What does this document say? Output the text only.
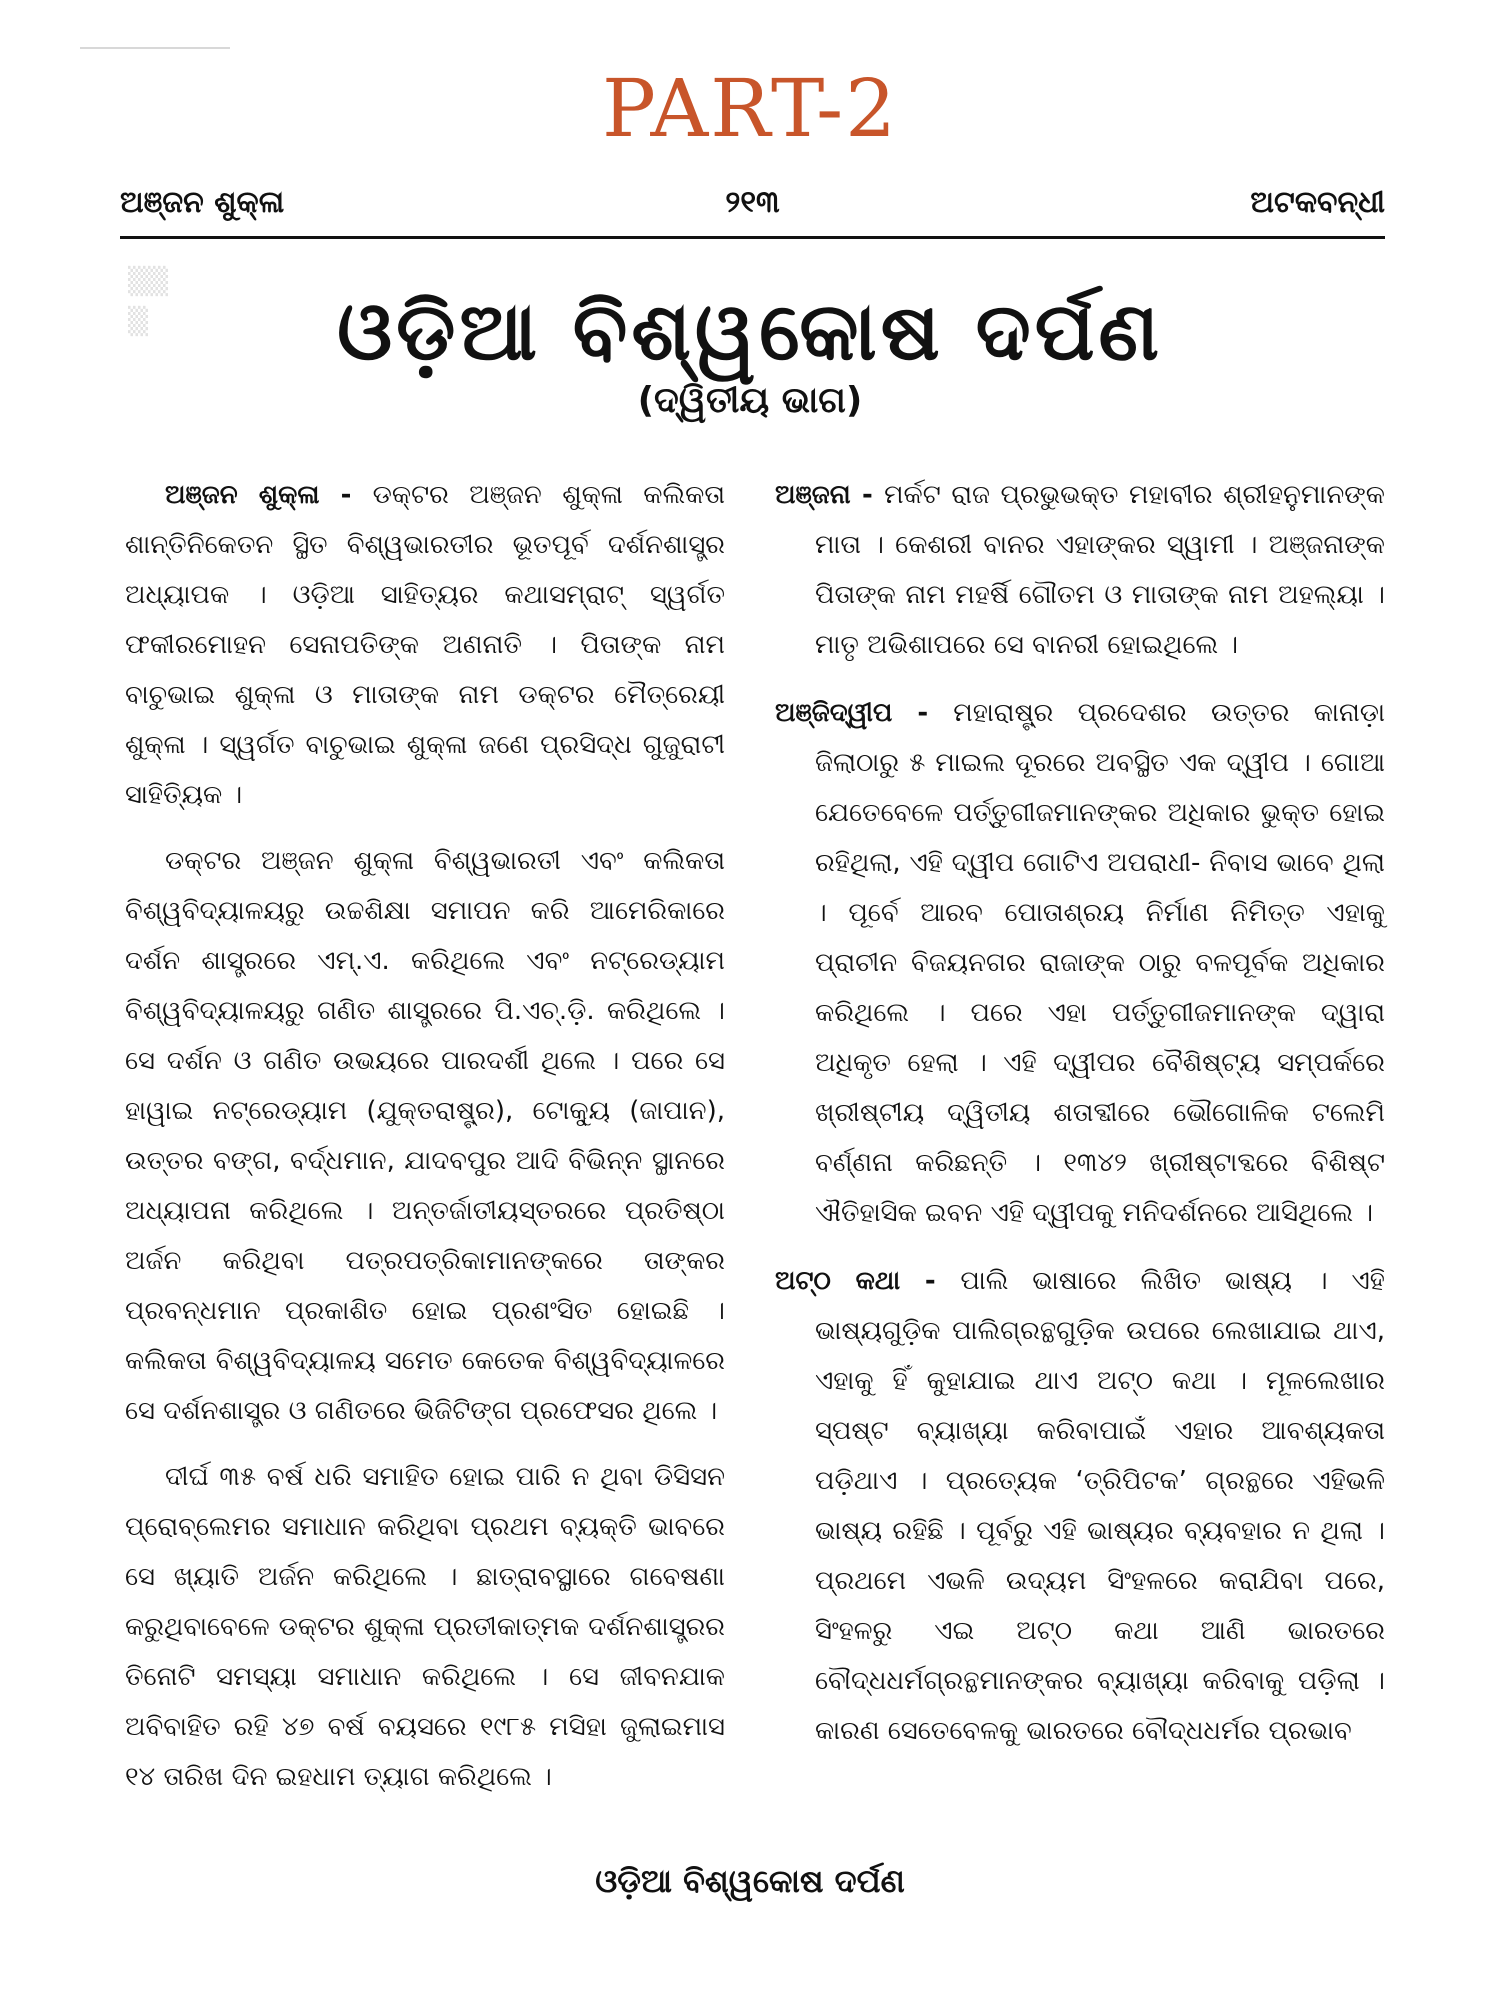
PART-2
ଅଞ୍ଜନ ଶୁକ୍ଳା	୨୧୩	ଅଟକବନ୍ଧୀ
▒▒
▒	ଓଡ଼ିଆ ବିଶ୍ୱକୋଷ ଦର୍ପଣ
(ଦ୍ୱିତୀୟ ଭାଗ)

ଅଞ୍ଜନ ଶୁକ୍ଳା - ଡକ୍ଟର ଅଞ୍ଜନ ଶୁକ୍ଳା କଲିକତା ଶାନ୍ତିନିକେତନ ସ୍ଥିତ ବିଶ୍ୱଭାରତୀର ଭୂତପୂର୍ବ ଦର୍ଶନଶାସ୍ତ୍ର ଅଧ୍ୟାପକ । ଓଡ଼ିଆ ସାହିତ୍ୟର କଥାସମ୍ରାଟ୍ ସ୍ୱର୍ଗତ ଫକୀରମୋହନ ସେନାପତିଙ୍କ ଅଣନାତି । ପିତାଙ୍କ ନାମ ବାଚୁଭାଇ ଶୁକ୍ଳା ଓ ମାତାଙ୍କ ନାମ ଡକ୍ଟର ମୈତ୍ରେୟୀ ଶୁକ୍ଳା । ସ୍ୱର୍ଗତ ବାଚୁଭାଇ ଶୁକ୍ଳା ଜଣେ ପ୍ରସିଦ୍ଧ ଗୁଜୁରାଟୀ ସାହିତ୍ୟିକ ।

ଡକ୍ଟର ଅଞ୍ଜନ ଶୁକ୍ଳା ବିଶ୍ୱଭାରତୀ ଏବଂ କଲିକତା ବିଶ୍ୱବିଦ୍ୟାଳୟରୁ ଉଚ୍ଚଶିକ୍ଷା ସମାପନ କରି ଆମେରିକାରେ ଦର୍ଶନ ଶାସ୍ତ୍ରରେ ଏମ୍.ଏ. କରିଥିଲେ ଏବଂ ନଟ୍ରେଡ୍ୟାମ ବିଶ୍ୱବିଦ୍ୟାଳୟରୁ ଗଣିତ ଶାସ୍ତ୍ରରେ ପି.ଏଚ୍.ଡ଼ି. କରିଥିଲେ । ସେ ଦର୍ଶନ ଓ ଗଣିତ ଉଭୟରେ ପାରଦର୍ଶୀ ଥିଲେ । ପରେ ସେ ହାୱାଇ ନଟ୍ରେଡ୍ୟାମ (ଯୁକ୍ତରାଷ୍ଟ୍ର), ଟୋକ୍ୟୁ (ଜାପାନ), ଉତ୍ତର ବଙ୍ଗ, ବର୍ଦ୍ଧମାନ, ଯାଦବପୁର ଆଦି ବିଭିନ୍ନ ସ୍ଥାନରେ ଅଧ୍ୟାପନା କରିଥିଲେ । ଅନ୍ତର୍ଜାତୀୟସ୍ତରରେ ପ୍ରତିଷ୍ଠା ଅର୍ଜନ କରିଥିବା ପତ୍ରପତ୍ରିକାମାନଙ୍କରେ ତାଙ୍କର ପ୍ରବନ୍ଧମାନ ପ୍ରକାଶିତ ହୋଇ ପ୍ରଶଂସିତ ହୋଇଛି । କଲିକତା ବିଶ୍ୱବିଦ୍ୟାଳୟ ସମେତ କେତେକ ବିଶ୍ୱବିଦ୍ୟାଳରେ ସେ ଦର୍ଶନଶାସ୍ତ୍ର ଓ ଗଣିତରେ ଭିଜିଟିଙ୍ଗ ପ୍ରଫେସର ଥିଲେ ।

ଦୀର୍ଘ ୩୫ ବର୍ଷ ଧରି ସମାହିତ ହୋଇ ପାରି ନ ଥିବା ଡିସିସନ ପ୍ରୋବ୍ଲେମର ସମାଧାନ କରିଥିବା ପ୍ରଥମ ବ୍ୟକ୍ତି ଭାବରେ ସେ ଖ୍ୟାତି ଅର୍ଜନ କରିଥିଲେ । ଛାତ୍ରାବସ୍ଥାରେ ଗବେଷଣା କରୁଥିବାବେଳେ ଡକ୍ଟର ଶୁକ୍ଳା ପ୍ରତୀକାତ୍ମକ ଦର୍ଶନଶାସ୍ତ୍ରର ତିନୋଟି ସମସ୍ୟା ସମାଧାନ କରିଥିଲେ । ସେ ଜୀବନଯାକ ଅବିବାହିତ ରହି ୪୭ ବର୍ଷ ବୟସରେ ୧୯୮୫ ମସିହା ଜୁଲାଇମାସ ୧୪ ତାରିଖ ଦିନ ଇହଧାମ ତ୍ୟାଗ କରିଥିଲେ ।

ଅଞ୍ଜନା - ମର୍କଟ ରାଜ ପ୍ରଭୁଭକ୍ତ ମହାବୀର ଶ୍ରୀହନୁମାନଙ୍କ ମାତା । କେଶରୀ ବାନର ଏହାଙ୍କର ସ୍ୱାମୀ । ଅଞ୍ଜନାଙ୍କ ପିତାଙ୍କ ନାମ ମହର୍ଷି ଗୌତମ ଓ ମାତାଙ୍କ ନାମ ଅହଲ୍ୟା । ମାତୃ ଅଭିଶାପରେ ସେ ବାନରୀ ହୋଇଥିଲେ ।

ଅଞ୍ଜିଦ୍ୱୀପ - ମହାରାଷ୍ଟ୍ର ପ୍ରଦେଶର ଉତ୍ତର କାନାଡ଼ା ଜିଲାଠାରୁ ୫ ମାଇଲ ଦୂରରେ ଅବସ୍ଥିତ ଏକ ଦ୍ୱୀପ । ଗୋଆ ଯେତେବେଳେ ପର୍ତ୍ତୁଗୀଜମାନଙ୍କର ଅଧିକାର ଭୁକ୍ତ ହୋଇ ରହିଥିଲା, ଏହି ଦ୍ୱୀପ ଗୋଟିଏ ଅପରାଧୀ- ନିବାସ ଭାବେ ଥିଲା । ପୂର୍ବେ ଆରବ ପୋତାଶ୍ରୟ ନିର୍ମାଣ ନିମିତ୍ତ ଏହାକୁ ପ୍ରାଚୀନ ବିଜୟନଗର ରାଜାଙ୍କ ଠାରୁ ବଳପୂର୍ବକ ଅଧିକାର କରିଥିଲେ । ପରେ ଏହା ପର୍ତ୍ତୁଗୀଜମାନଙ୍କ ଦ୍ୱାରା ଅଧିକୃତ ହେଲା । ଏହି ଦ୍ୱୀପର ବୈଶିଷ୍ଟ୍ୟ ସମ୍ପର୍କରେ ଖ୍ରୀଷ୍ଟୀୟ ଦ୍ୱିତୀୟ ଶତାବ୍ଦୀରେ ଭୌଗୋଳିକ ଟଲେମି ବର୍ଣ୍ଣନା କରିଛନ୍ତି । ୧୩୪୨ ଖ୍ରୀଷ୍ଟାବ୍ଦରେ ବିଶିଷ୍ଟ ଐତିହାସିକ ଇବନ ଏହି ଦ୍ୱୀପକୁ ମନିଦର୍ଶନରେ ଆସିଥିଲେ ।

ଅଟ୍ଠ କଥା - ପାଲି ଭାଷାରେ ଲିଖିତ ଭାଷ୍ୟ । ଏହି ଭାଷ୍ୟଗୁଡ଼ିକ ପାଲିଗ୍ରନ୍ଥଗୁଡ଼ିକ ଉପରେ ଲେଖାଯାଇ ଥାଏ, ଏହାକୁ ହିଁ କୁହାଯାଇ ଥାଏ ଅଟ୍ଠ କଥା । ମୂଳଲେଖାର ସ୍ପଷ୍ଟ ବ୍ୟାଖ୍ୟା କରିବାପାଇଁ ଏହାର ଆବଶ୍ୟକତା ପଡ଼ିଥାଏ । ପ୍ରତ୍ୟେକ ‘ତ୍ରିପିଟକ’ ଗ୍ରନ୍ଥରେ ଏହିଭଳି ଭାଷ୍ୟ ରହିଛି । ପୂର୍ବରୁ ଏହି ଭାଷ୍ୟର ବ୍ୟବହାର ନ ଥିଲା । ପ୍ରଥମେ ଏଭଳି ଉଦ୍ୟମ ସିଂହଳରେ କରାଯିବା ପରେ, ସିଂହଳରୁ ଏଇ ଅଟ୍ଠ କଥା ଆଣି ଭାରତରେ ବୌଦ୍ଧଧର୍ମଗ୍ରନ୍ଥମାନଙ୍କର ବ୍ୟାଖ୍ୟା କରିବାକୁ ପଡ଼ିଲା । କାରଣ ସେତେବେଳକୁ ଭାରତରେ ବୌଦ୍ଧଧର୍ମର ପ୍ରଭାବ

ଓଡ଼ିଆ ବିଶ୍ୱକୋଷ ଦର୍ପଣ
